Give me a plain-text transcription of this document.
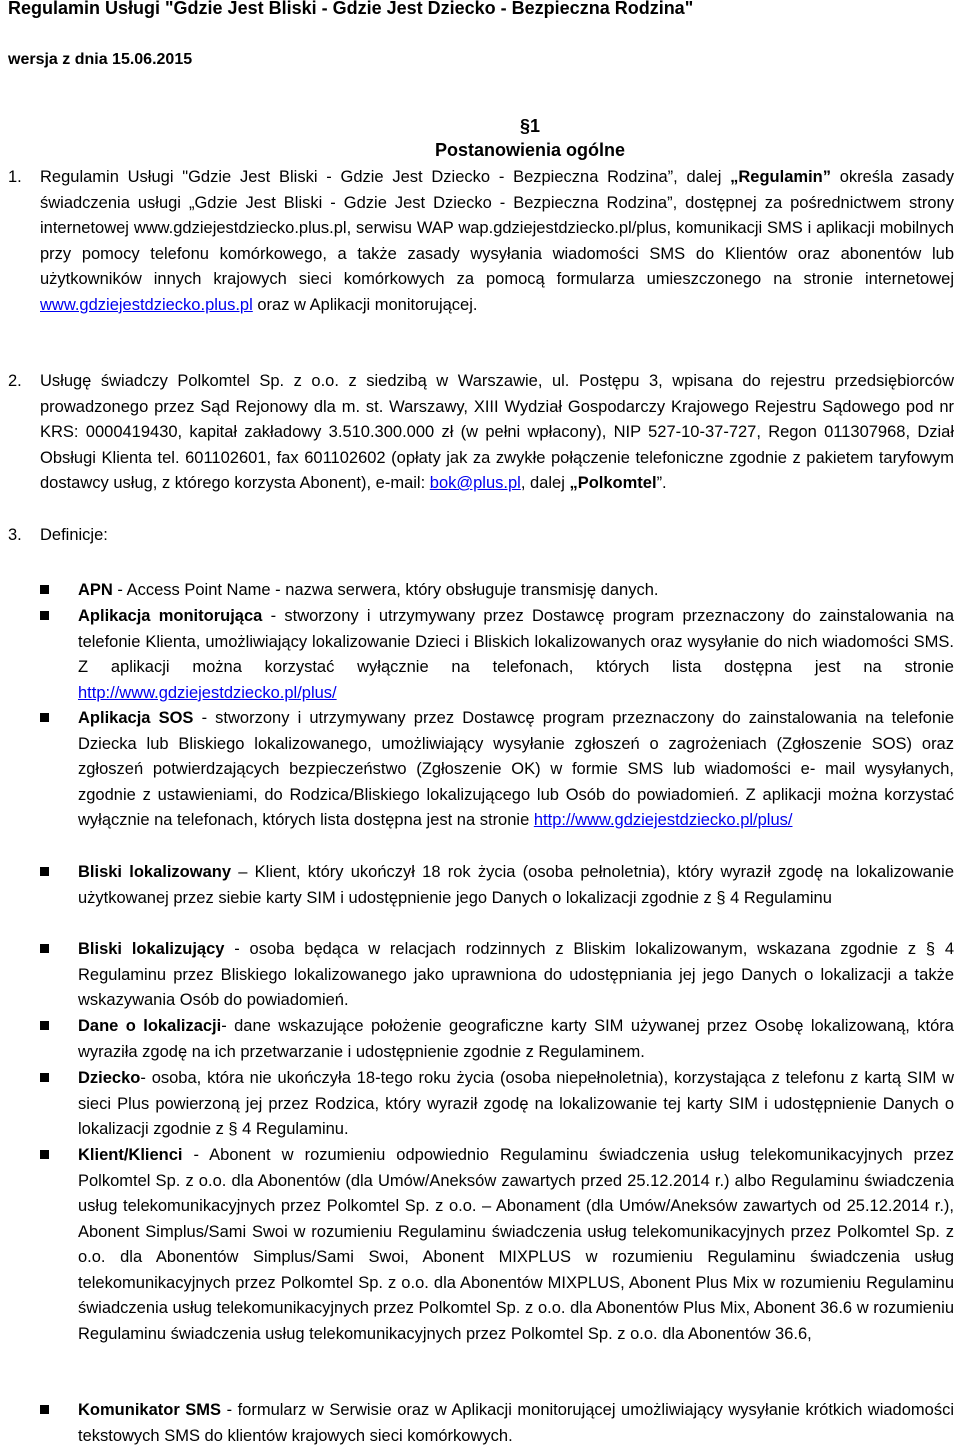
Regulamin Usługi "Gdzie Jest Bliski - Gdzie Jest Dziecko - Bezpieczna Rodzina"
wersja z dnia 15.06.2015
§1
Postanowienia ogólne
1. Regulamin Usługi "Gdzie Jest Bliski - Gdzie Jest Dziecko - Bezpieczna Rodzina”, dalej „Regulamin” określa zasady świadczenia usługi „Gdzie Jest Bliski - Gdzie Jest Dziecko - Bezpieczna Rodzina”, dostępnej za pośrednictwem strony internetowej www.gdziejestdziecko.plus.pl, serwisu WAP wap.gdziejestdziecko.pl/plus, komunikacji SMS i aplikacji mobilnych przy pomocy telefonu komórkowego, a także zasady wysyłania wiadomości SMS do Klientów oraz abonentów lub użytkowników innych krajowych sieci komórkowych za pomocą formularza umieszczonego na stronie internetowej www.gdziejestdziecko.plus.pl oraz w Aplikacji monitorującej.

2. Usługę świadczy Polkomtel Sp. z o.o. z siedzibą w Warszawie, ul. Postępu 3, wpisana do rejestru przedsiębiorców prowadzonego przez Sąd Rejonowy dla m. st. Warszawy, XIII Wydział Gospodarczy Krajowego Rejestru Sądowego pod nr KRS: 0000419430, kapitał zakładowy 3.510.300.000 zł (w pełni wpłacony), NIP 527-10-37-727, Regon 011307968, Dział Obsługi Klienta tel. 601102601, fax 601102602 (opłaty jak za zwykłe połączenie telefoniczne zgodnie z pakietem taryfowym dostawcy usług, z którego korzysta Abonent), e-mail: bok@plus.pl, dalej „Polkomtel”.

3. Definicje:

APN - Access Point Name - nazwa serwera, który obsługuje transmisję danych.

Aplikacja monitorująca - stworzony i utrzymywany przez Dostawcę program przeznaczony do zainstalowania na telefonie Klienta, umożliwiający lokalizowanie Dzieci i Bliskich lokalizowanych oraz wysyłanie do nich wiadomości SMS. Z aplikacji można korzystać wyłącznie na telefonach, których lista dostępna jest na stronie http://www.gdziejestdziecko.pl/plus/

Aplikacja SOS - stworzony i utrzymywany przez Dostawcę program przeznaczony do zainstalowania na telefonie Dziecka lub Bliskiego lokalizowanego, umożliwiający wysyłanie zgłoszeń o zagrożeniach (Zgłoszenie SOS) oraz zgłoszeń potwierdzających bezpieczeństwo (Zgłoszenie OK) w formie SMS lub wiadomości e- mail wysyłanych, zgodnie z ustawieniami, do Rodzica/Bliskiego lokalizującego lub Osób do powiadomień. Z aplikacji można korzystać wyłącznie na telefonach, których lista dostępna jest na stronie http://www.gdziejestdziecko.pl/plus/

Bliski lokalizowany – Klient, który ukończył 18 rok życia (osoba pełnoletnia), który wyraził zgodę na lokalizowanie użytkowanej przez siebie karty SIM i udostępnienie jego Danych o lokalizacji zgodnie z § 4 Regulaminu

Bliski lokalizujący - osoba będąca w relacjach rodzinnych z Bliskim lokalizowanym, wskazana zgodnie z § 4 Regulaminu przez Bliskiego lokalizowanego jako uprawniona do udostępniania jej jego Danych o lokalizacji a także wskazywania Osób do powiadomień.

Dane o lokalizacji- dane wskazujące położenie geograficzne karty SIM używanej przez Osobę lokalizowaną, która wyraziła zgodę na ich przetwarzanie i udostępnienie zgodnie z Regulaminem.

Dziecko- osoba, która nie ukończyła 18-tego roku życia (osoba niepełnoletnia), korzystająca z telefonu z kartą SIM w sieci Plus powierzoną jej przez Rodzica, który wyraził zgodę na lokalizowanie tej karty SIM i udostępnienie Danych o lokalizacji zgodnie z § 4 Regulaminu.

Klient/Klienci - Abonent w rozumieniu odpowiednio Regulaminu świadczenia usług telekomunikacyjnych przez Polkomtel Sp. z o.o. dla Abonentów (dla Umów/Aneksów zawartych przed 25.12.2014 r.) albo Regulaminu świadczenia usług telekomunikacyjnych przez Polkomtel Sp. z o.o. – Abonament (dla Umów/Aneksów zawartych od 25.12.2014 r.), Abonent Simplus/Sami Swoi w rozumieniu Regulaminu świadczenia usług telekomunikacyjnych przez Polkomtel Sp. z o.o. dla Abonentów Simplus/Sami Swoi, Abonent MIXPLUS w rozumieniu Regulaminu świadczenia usług telekomunikacyjnych przez Polkomtel Sp. z o.o. dla Abonentów MIXPLUS, Abonent Plus Mix w rozumieniu Regulaminu świadczenia usług telekomunikacyjnych przez Polkomtel Sp. z o.o. dla Abonentów Plus Mix, Abonent 36.6 w rozumieniu Regulaminu świadczenia usług telekomunikacyjnych przez Polkomtel Sp. z o.o. dla Abonentów 36.6,

Komunikator SMS - formularz w Serwisie oraz w Aplikacji monitorującej umożliwiający wysyłanie krótkich wiadomości tekstowych SMS do klientów krajowych sieci komórkowych.
